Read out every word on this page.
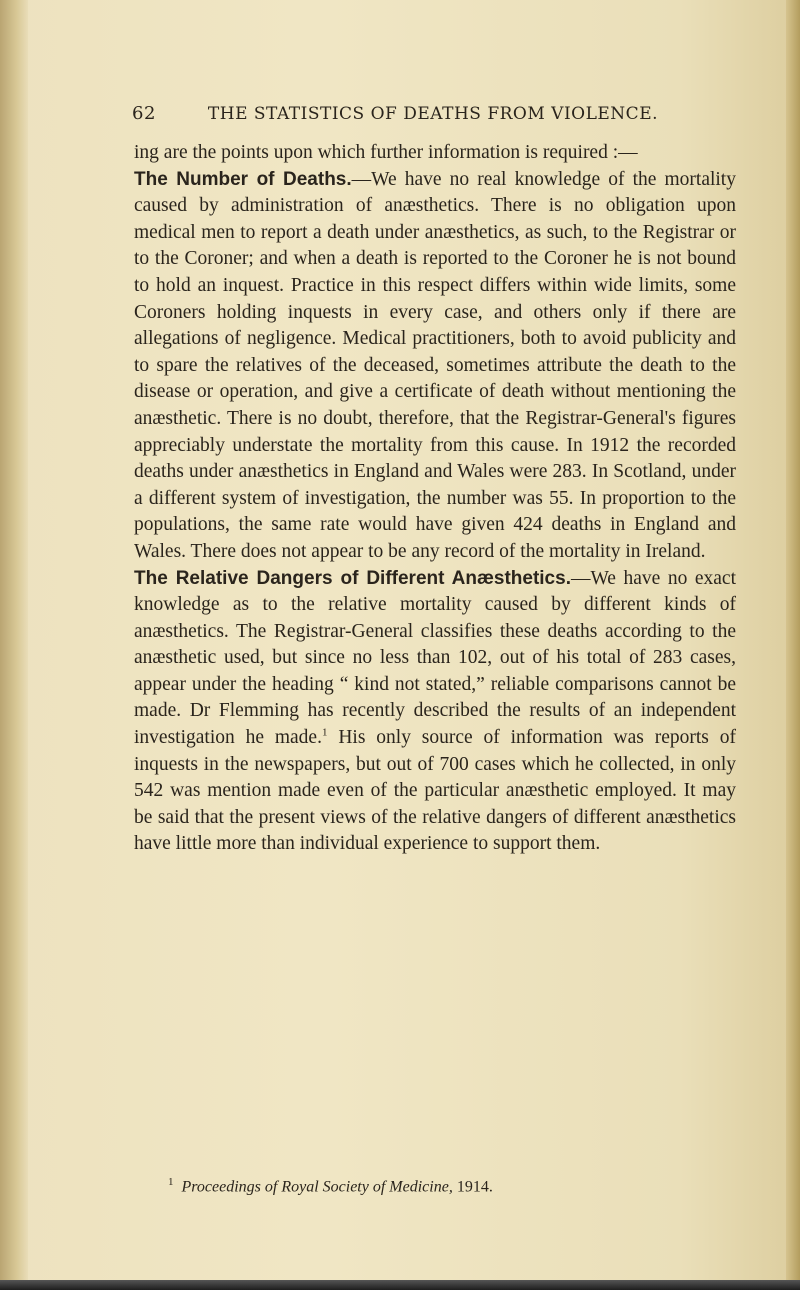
62	THE STATISTICS OF DEATHS FROM VIOLENCE.

ing are the points upon which further information is required :—

The Number of Deaths.—We have no real knowledge of the mortality caused by administration of anæsthetics. There is no obligation upon medical men to report a death under anæsthetics, as such, to the Registrar or to the Coroner; and when a death is reported to the Coroner he is not bound to hold an inquest. Practice in this respect differs within wide limits, some Coroners holding inquests in every case, and others only if there are allegations of negligence. Medical practitioners, both to avoid publicity and to spare the relatives of the deceased, sometimes attribute the death to the disease or operation, and give a certificate of death without mentioning the anæsthetic. There is no doubt, therefore, that the Registrar-General's figures appreciably understate the mortality from this cause. In 1912 the recorded deaths under anæsthetics in England and Wales were 283. In Scotland, under a different system of investigation, the number was 55. In proportion to the populations, the same rate would have given 424 deaths in England and Wales. There does not appear to be any record of the mortality in Ireland.

The Relative Dangers of Different Anæsthetics.—We have no exact knowledge as to the relative mortality caused by different kinds of anæsthetics. The Registrar-General classifies these deaths according to the anæsthetic used, but since no less than 102, out of his total of 283 cases, appear under the heading “ kind not stated,” reliable comparisons cannot be made. Dr Flemming has recently described the results of an independent investigation he made.$^1$ His only source of information was reports of inquests in the newspapers, but out of 700 cases which he collected, in only 542 was mention made even of the particular anæsthetic employed. It may be said that the present views of the relative dangers of different anæsthetics have little more than individual experience to support them.

$^1$ Proceedings of Royal Society of Medicine, 1914.
